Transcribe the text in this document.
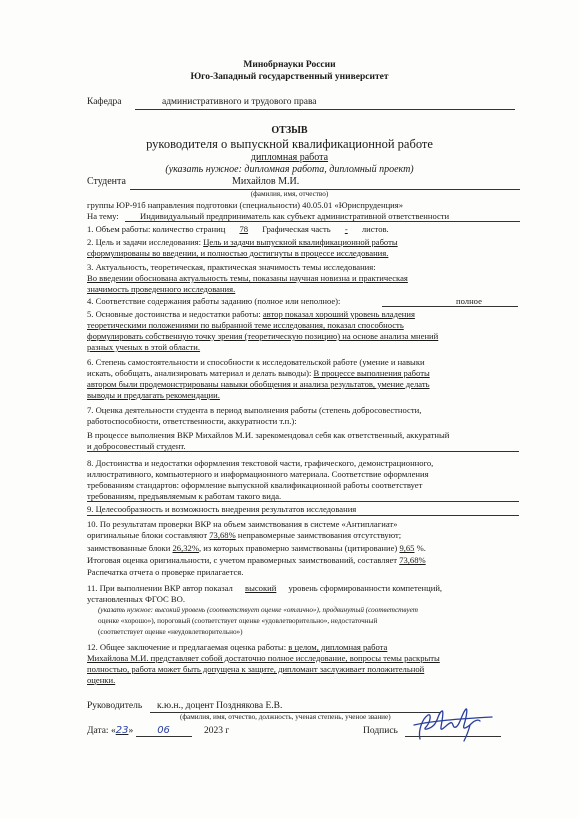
Минобрнауки России
Юго-Западный государственный университет
Кафедра	административного и трудового права
ОТЗЫВ
руководителя о выпускной квалификационной работе
дипломная работа
(указать нужное: дипломная работа, дипломный проект)
Студента	Михайлов М.И.
(фамилия, имя, отчество)
группы ЮР-91б направления подготовки (специальности) 40.05.01 «Юриспруденция»
На тему: Индивидуальный предприниматель как субъект административной ответственности
1. Объем работы: количество страниц 78 Графическая часть - листов.
2. Цель и задачи исследования: Цель и задачи выпускной квалификационной работы
сформулированы во введении, и полностью достигнуты в процессе исследования.
3. Актуальность, теоретическая, практическая значимость темы исследования:
Во введении обоснована актуальность темы, показаны научная новизна и практическая
значимость проведенного исследования.
4. Соответствие содержания работы заданию (полное или неполное):	полное
5. Основные достоинства и недостатки работы: автор показал хороший уровень владения
теоретическими положениями по выбранной теме исследования, показал способность
формулировать собственную точку зрения (теоретическую позицию) на основе анализа мнений
разных ученых в этой области.
6. Степень самостоятельности и способности к исследовательской работе (умение и навыки
искать, обобщать, анализировать материал и делать выводы): В процессе выполнения работы
автором были продемонстрированы навыки обобщения и анализа результатов, умение делать
выводы и предлагать рекомендации.
7. Оценка деятельности студента в период выполнения работы (степень добросовестности,
работоспособности, ответственности, аккуратности т.п.):
В процессе выполнения ВКР Михайлов М.И. зарекомендовал себя как ответственный, аккуратный
и добросовестный студент.
8. Достоинства и недостатки оформления текстовой части, графического, демонстрационного,
иллюстративного, компьютерного и информационного материала. Соответствие оформления
требованиям стандартов: оформление выпускной квалификационной работы соответствует
требованиям, предъявляемым к работам такого вида.
9. Целесообразность и возможность внедрения результатов исследования
10. По результатам проверки ВКР на объем заимствования в системе «Антиплагиат»
оригинальные блоки составляют 73,68% неправомерные заимствования отсутствуют;
заимствованные блоки 26,32%, из которых правомерно заимствованы (цитирование) 9,65 %.
Итоговая оценка оригинальности, с учетом правомерных заимствований, составляет 73,68%
Распечатка отчета о проверке прилагается.
11. При выполнении ВКР автор показал высокий уровень сформированности компетенций,
установленных ФГОС ВО.
(указать нужное: высокий уровень (соответствует оценке «отлично»), продвинутый (соответствует
оценке «хорошо»), пороговый (соответствует оценке «удовлетворительно», недостаточный
(соответствует оценке «неудовлетворительно»)
12. Общее заключение и предлагаемая оценка работы: в целом, дипломная работа
Михайлова М.И. представляет собой достаточно полное исследование, вопросы темы раскрыты
полностью, работа может быть допущена к защите, дипломант заслуживает положительной
оценки.
Руководитель к.ю.н., доцент Позднякова Е.В.
(фамилия, имя, отчество, должность, ученая степень, ученое звание)
Дата: «23» 06	2023 г	Подпись
